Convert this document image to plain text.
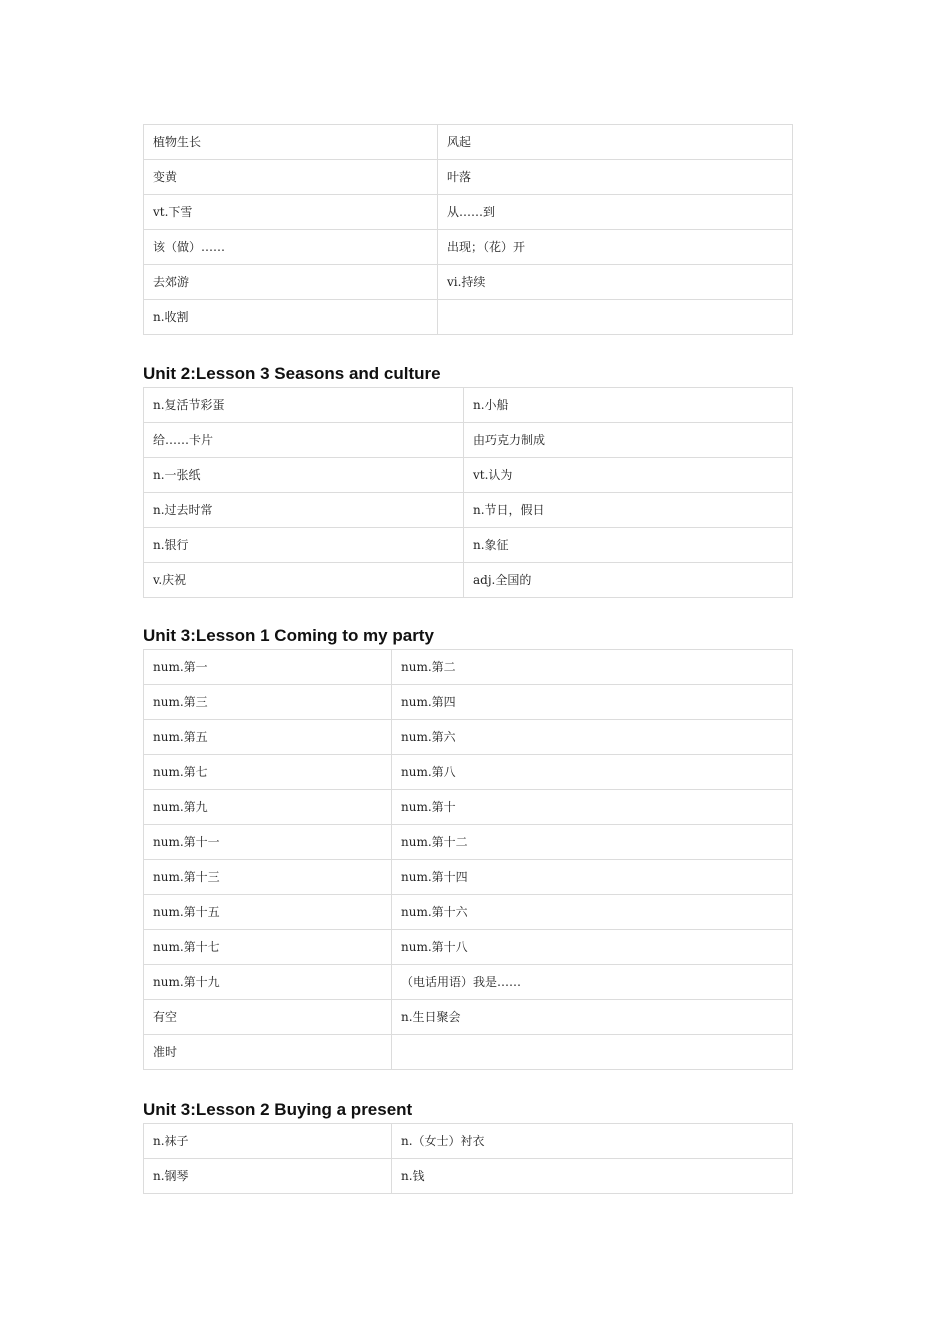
植物生长	风起
变黄	叶落
vt.下雪	从……到
该（做）……	出现；（花）开
去郊游	vi.持续
n.收割	
Unit 2:Lesson 3 Seasons and culture
n.复活节彩蛋	n.小船
给……卡片	由巧克力制成
n.一张纸	vt.认为
n.过去时常	n.节日，假日
n.银行	n.象征
v.庆祝	adj.全国的
Unit 3:Lesson 1 Coming to my party
num.第一	num.第二
num.第三	num.第四
num.第五	num.第六
num.第七	num.第八
num.第九	num.第十
num.第十一	num.第十二
num.第十三	num.第十四
num.第十五	num.第十六
num.第十七	num.第十八
num.第十九	（电话用语）我是……
有空	n.生日聚会
准时	
Unit 3:Lesson 2 Buying a present
n.袜子	n.（女士）衬衣
n.钢琴	n.钱
